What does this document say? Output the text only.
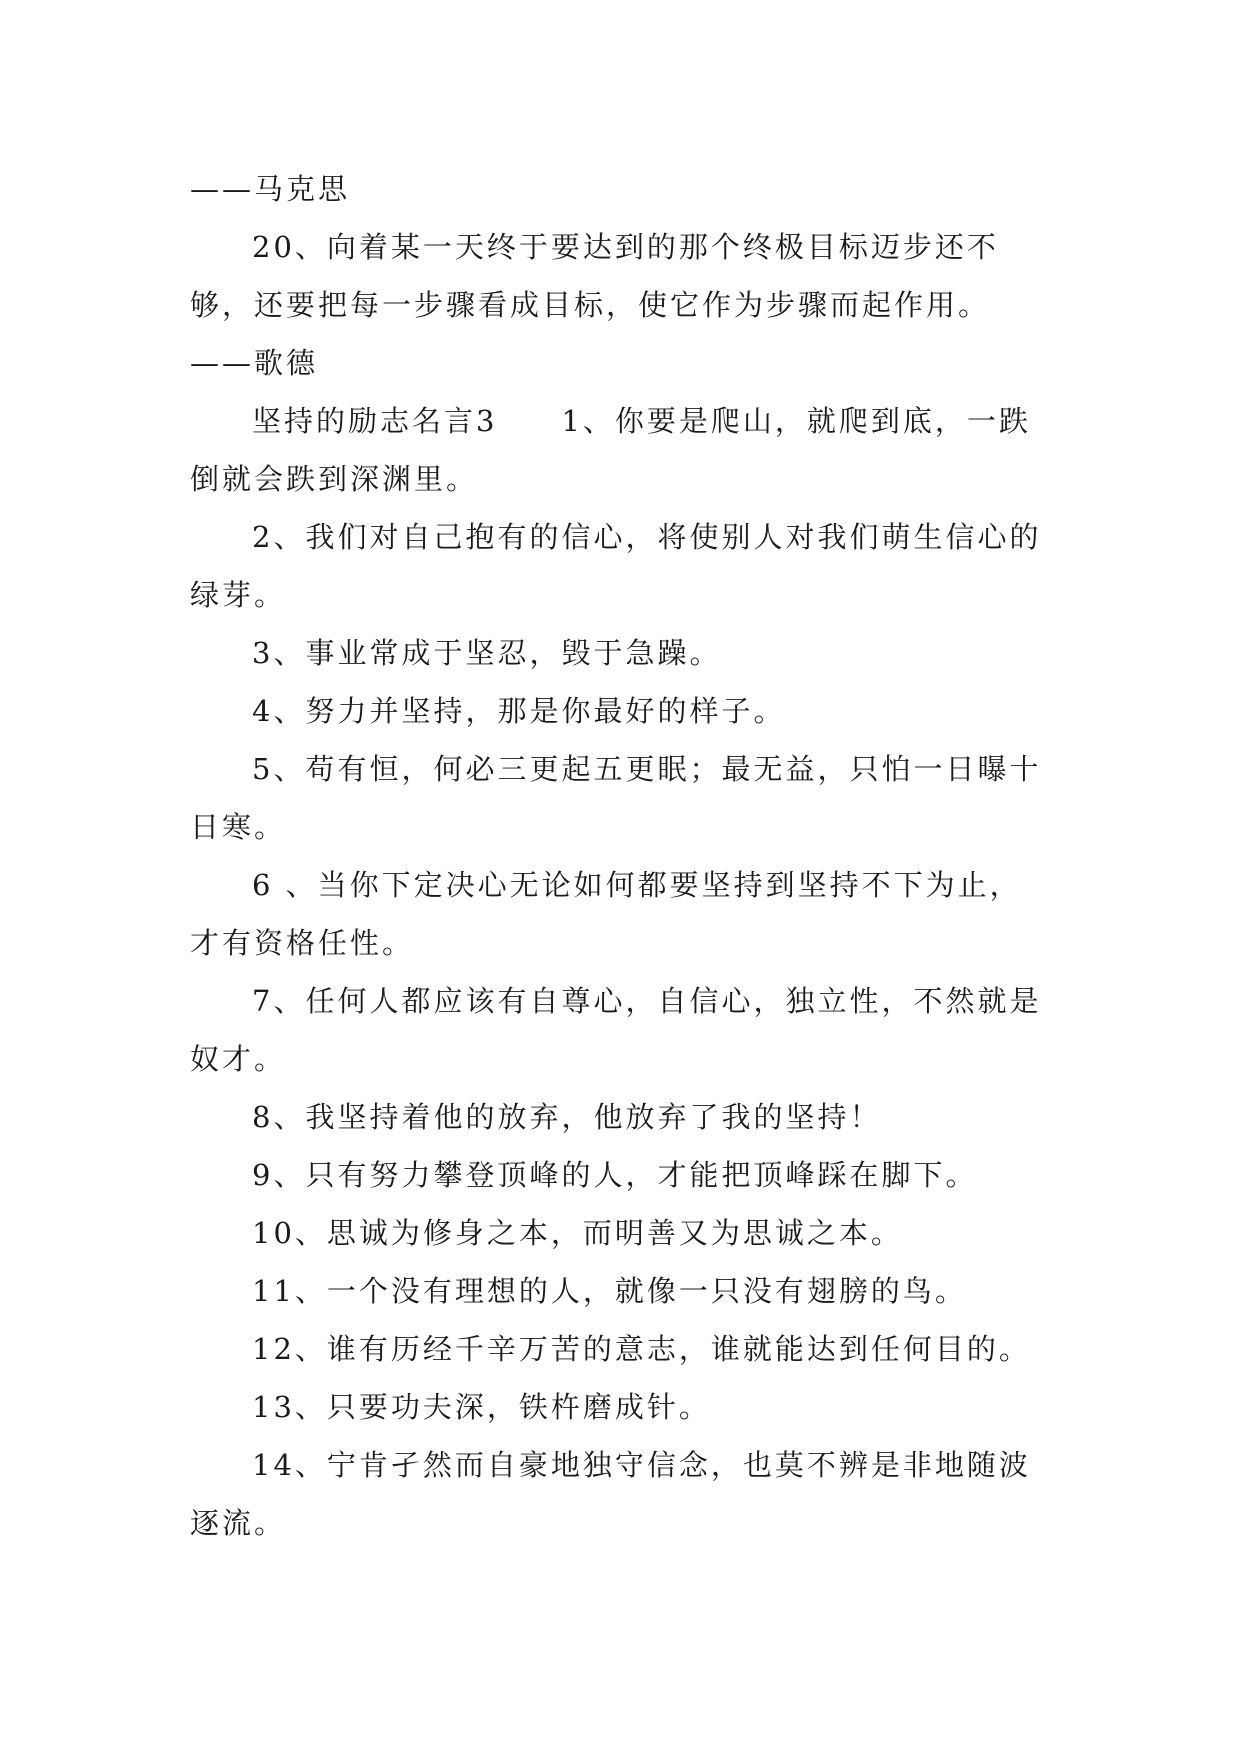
——马克思

20、向着某一天终于要达到的那个终极目标迈步还不够，还要把每一步骤看成目标，使它作为步骤而起作用。——歌德

坚持的励志名言3　　1、你要是爬山，就爬到底，一跌倒就会跌到深渊里。

2、我们对自己抱有的信心，将使别人对我们萌生信心的绿芽。

3、事业常成于坚忍，毁于急躁。

4、努力并坚持，那是你最好的样子。

5、苟有恒，何必三更起五更眠；最无益，只怕一日曝十日寒。

6 、当你下定决心无论如何都要坚持到坚持不下为止，才有资格任性。

7、任何人都应该有自尊心，自信心，独立性，不然就是奴才。

8、我坚持着他的放弃，他放弃了我的坚持！

9、只有努力攀登顶峰的人，才能把顶峰踩在脚下。

10、思诚为修身之本，而明善又为思诚之本。

11、一个没有理想的人，就像一只没有翅膀的鸟。

12、谁有历经千辛万苦的意志，谁就能达到任何目的。

13、只要功夫深，铁杵磨成针。

14、宁肯孑然而自豪地独守信念，也莫不辨是非地随波逐流。
